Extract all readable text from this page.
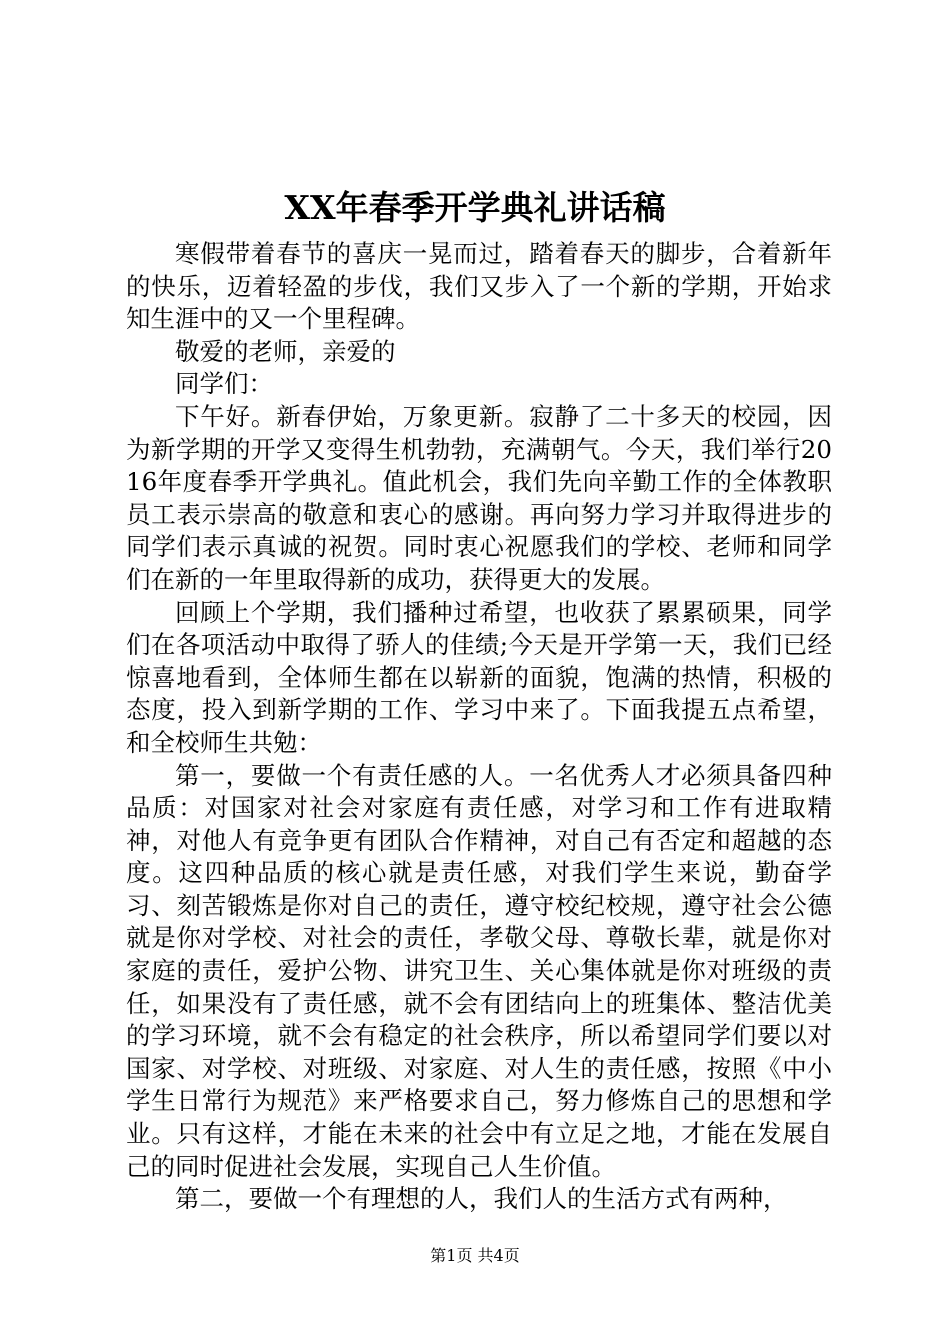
XX年春季开学典礼讲话稿

寒假带着春节的喜庆一晃而过，踏着春天的脚步，合着新年的快乐，迈着轻盈的步伐，我们又步入了一个新的学期，开始求知生涯中的又一个里程碑。

敬爱的老师，亲爱的

同学们：

下午好。新春伊始，万象更新。寂静了二十多天的校园，因为新学期的开学又变得生机勃勃，充满朝气。今天，我们举行2016年度春季开学典礼。值此机会，我们先向辛勤工作的全体教职员工表示崇高的敬意和衷心的感谢。再向努力学习并取得进步的同学们表示真诚的祝贺。同时衷心祝愿我们的学校、老师和同学们在新的一年里取得新的成功，获得更大的发展。

回顾上个学期，我们播种过希望，也收获了累累硕果，同学们在各项活动中取得了骄人的佳绩;今天是开学第一天，我们已经惊喜地看到，全体师生都在以崭新的面貌，饱满的热情，积极的态度，投入到新学期的工作、学习中来了。下面我提五点希望，和全校师生共勉：

第一，要做一个有责任感的人。一名优秀人才必须具备四种品质：对国家对社会对家庭有责任感，对学习和工作有进取精神，对他人有竞争更有团队合作精神，对自己有否定和超越的态度。这四种品质的核心就是责任感，对我们学生来说，勤奋学习、刻苦锻炼是你对自己的责任，遵守校纪校规，遵守社会公德就是你对学校、对社会的责任，孝敬父母、尊敬长辈，就是你对家庭的责任，爱护公物、讲究卫生、关心集体就是你对班级的责任，如果没有了责任感，就不会有团结向上的班集体、整洁优美的学习环境，就不会有稳定的社会秩序，所以希望同学们要以对国家、对学校、对班级、对家庭、对人生的责任感，按照《中小学生日常行为规范》来严格要求自己，努力修炼自己的思想和学业。只有这样，才能在未来的社会中有立足之地，才能在发展自己的同时促进社会发展，实现自己人生价值。

第二，要做一个有理想的人，我们人的生活方式有两种，

第1页 共4页
